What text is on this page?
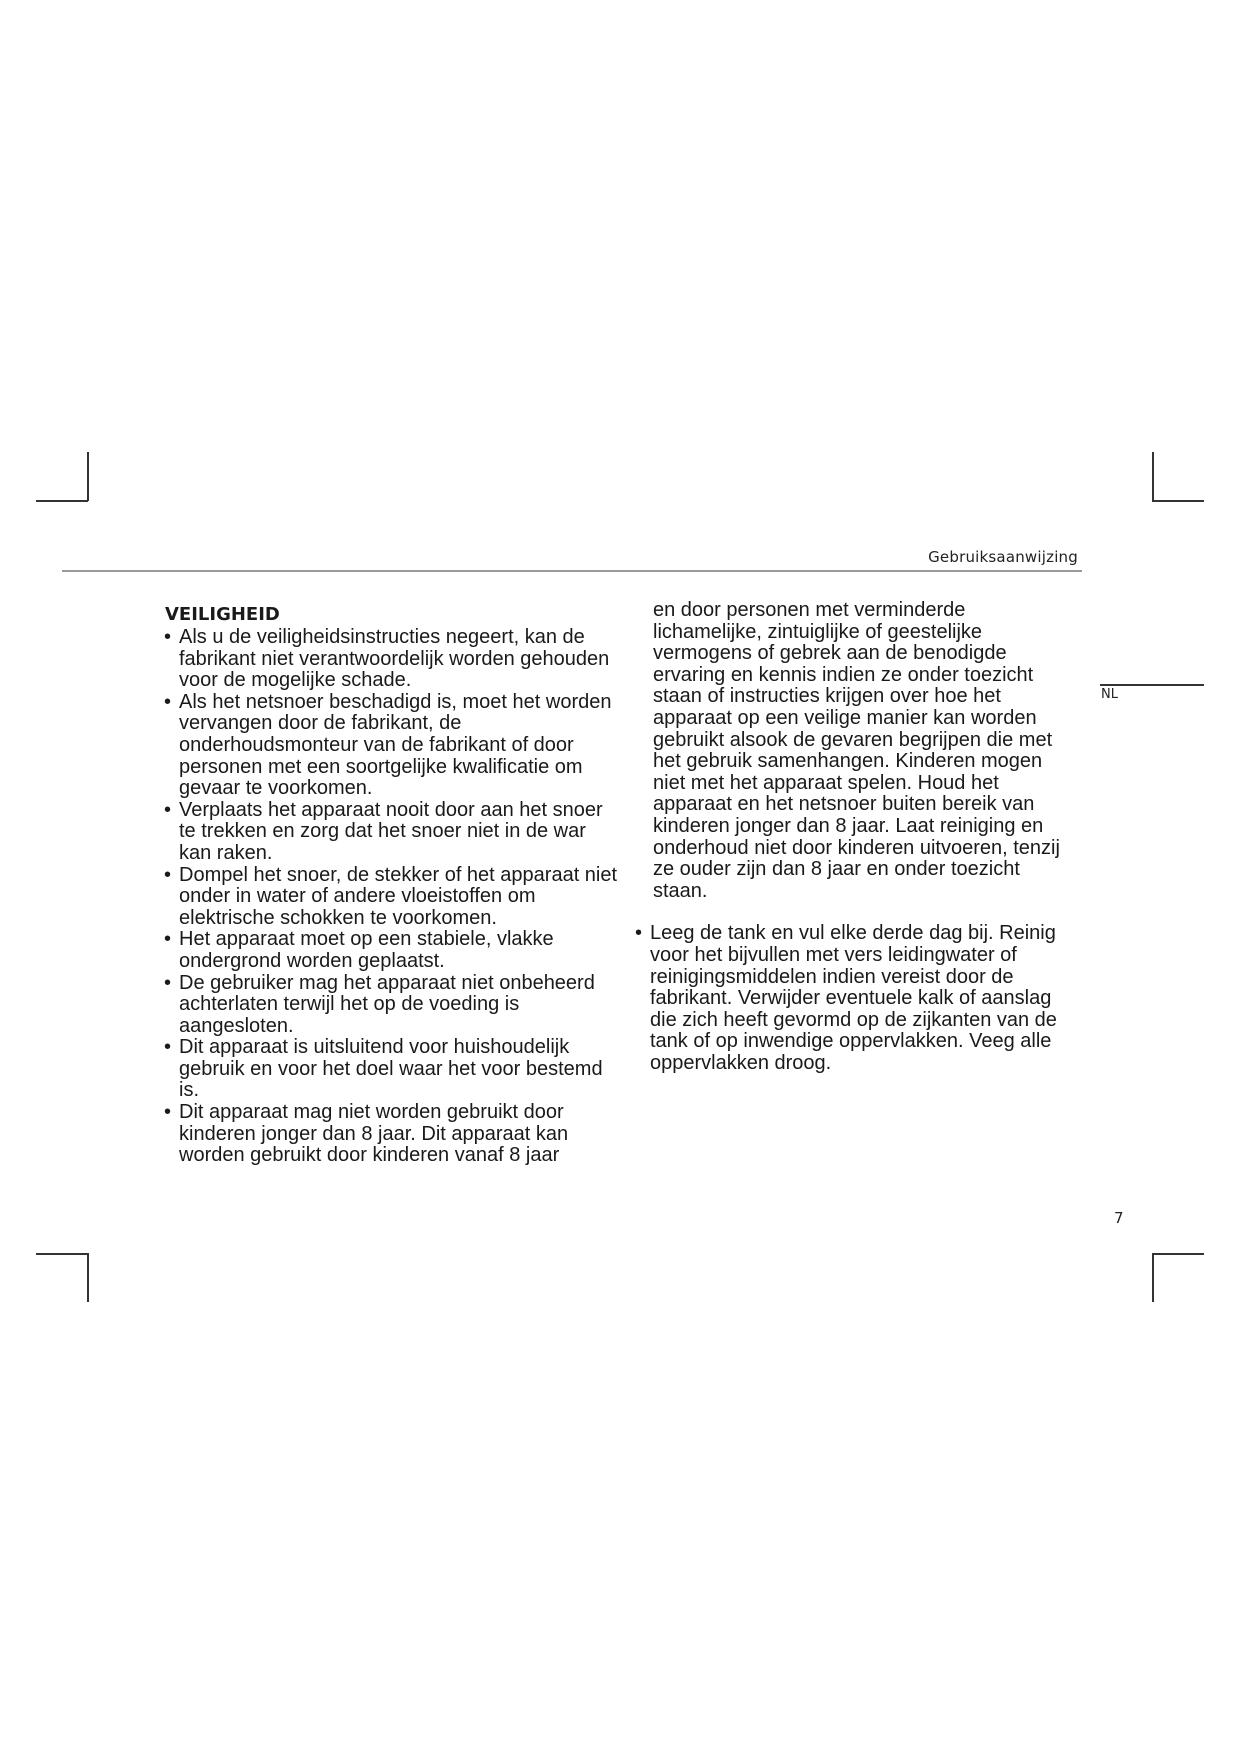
Gebruiksaanwijzing
NL
VEILIGHEID
• Als u de veiligheidsinstructies negeert, kan de fabrikant niet verantwoordelijk worden gehouden voor de mogelijke schade.
• Als het netsnoer beschadigd is, moet het worden vervangen door de fabrikant, de onderhoudsmonteur van de fabrikant of door personen met een soortgelijke kwalificatie om gevaar te voorkomen.
• Verplaats het apparaat nooit door aan het snoer te trekken en zorg dat het snoer niet in de war kan raken.
• Dompel het snoer, de stekker of het apparaat niet onder in water of andere vloeistoffen om elektrische schokken te voorkomen.
• Het apparaat moet op een stabiele, vlakke ondergrond worden geplaatst.
• De gebruiker mag het apparaat niet onbeheerd achterlaten terwijl het op de voeding is aangesloten.
• Dit apparaat is uitsluitend voor huishoudelijk gebruik en voor het doel waar het voor bestemd is.
• Dit apparaat mag niet worden gebruikt door kinderen jonger dan 8 jaar. Dit apparaat kan worden gebruikt door kinderen vanaf 8 jaar

en door personen met verminderde lichamelijke, zintuiglijke of geestelijke vermogens of gebrek aan de benodigde ervaring en kennis indien ze onder toezicht staan of instructies krijgen over hoe het apparaat op een veilige manier kan worden gebruikt alsook de gevaren begrijpen die met het gebruik samenhangen. Kinderen mogen niet met het apparaat spelen. Houd het apparaat en het netsnoer buiten bereik van kinderen jonger dan 8 jaar. Laat reiniging en onderhoud niet door kinderen uitvoeren, tenzij ze ouder zijn dan 8 jaar en onder toezicht staan.

• Leeg de tank en vul elke derde dag bij. Reinig voor het bijvullen met vers leidingwater of reinigingsmiddelen indien vereist door de fabrikant. Verwijder eventuele kalk of aanslag die zich heeft gevormd op de zijkanten van de tank of op inwendige oppervlakken. Veeg alle oppervlakken droog.
7
